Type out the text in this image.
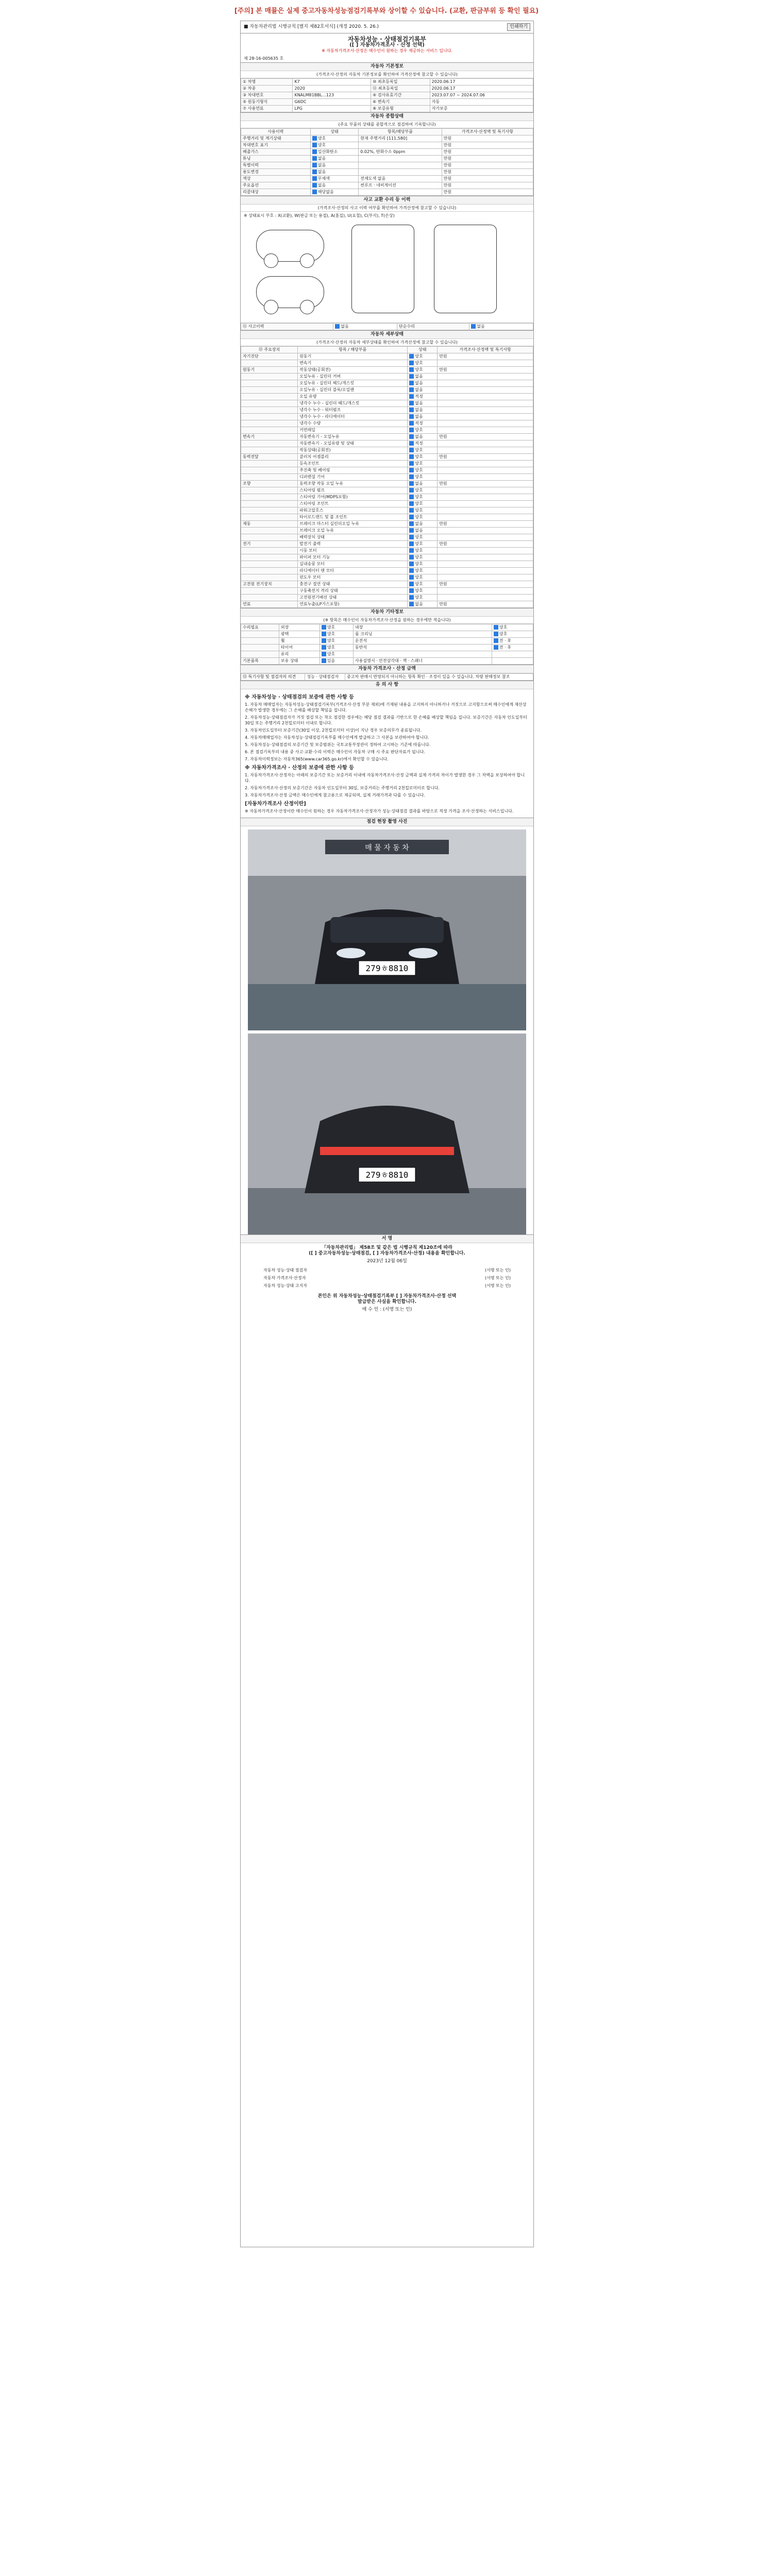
[주의] 본 매뮬은 실제 중고자동차성능점검기록부와 상이할 수 있습니다. (교환, 판금부위 등 확인 필요)
■ 자동차관리법 시행규칙 [별지 제82호서식] (개정 2020. 5. 26.)	인쇄하기
자동차성능 · 상태점검기록부
([ ] 자동차가격조사 · 산정 선택)
※ 자동차가격조사·산정은 매수인이 원하는 경우 제공하는 서비스 입니다.
제 28-16-005635 호
자동차 기본정보
(가격조사·산정의 자동차 기본정보를 확인하여 가격산정에 참고할 수 있습니다)
① 차명	K7	⑩ 최초등록일	2020.06.17
② 차종	2020	⑪ 최초등록일	2020.06.17
③ 차대번호	KNALM81BBL...123	④ 검사유효기간	2023.07.07 ~ 2024.07.06
⑤ 원동기형식	G6DC	⑥ 변속기	자동
⑦ 사용연료	LPG	⑧ 보증유형	자가보증
자동차 종합상태
(주요 부품의 상태를 종합적으로 점검하여 기록합니다)
사용이력	상태	항목/해당부품	가격조사·산정액 및 특기사항
주행거리 및 계기상태	양호	현재 주행거리 [111,580]	만원
차대번호 표기	양호		만원
배출가스	일산화탄소	0.02%, 탄화수소 0ppm	만원
튜닝	없음		만원
특별이력	없음		만원
용도변경	없음		만원
색상	무채색	전체도색 없음	만원
주요옵션	없음	썬루프 · 네비게이션	만원
리콜대상	해당없음		만원
사고 교환 수리 등 이력
(가격조사·산정의 사고 이력 여부를 확인하여 가격산정에 참고할 수 있습니다)
※ 상태표시 부호 : X(교환), W(판금 또는 용접), A(흠집), U(요철), C(부식), T(손상)
⑪ 사고이력	없음	단순수리	없음
자동차 세부상태
(가격조사·산정의 자동차 세부상태를 확인하여 가격산정에 참고할 수 있습니다)
⑫ 주요장치	항목 / 해당부품	상태	가격조사·산정액 및 특기사항
자기진단	원동기	양호	만원
	변속기	양호	
원동기	작동상태(공회전)	양호	만원
	오일누유 - 실린더 커버	없음	
	오일누유 - 실린더 헤드/개스킷	없음	
	오일누유 - 실린더 블록/오일팬	없음	
	오일 유량	적정	
	냉각수 누수 - 실린더 헤드/개스킷	없음	
	냉각수 누수 - 워터펌프	없음	
	냉각수 누수 - 라디에이터	없음	
	냉각수 수량	적정	
	커먼레일	양호	
변속기	자동변속기 - 오일누유	없음	만원
	자동변속기 - 오일유량 및 상태	적정	
	작동상태(공회전)	양호	
동력전달	클러치 어셈블리	양호	만원
	등속조인트	양호	
	추진축 및 베어링	양호	
	디퍼렌셜 기어	양호	
조향	동력조향 작동 오일 누유	없음	만원
	스티어링 펌프	양호	
	스티어링 기어(MDPS포함)	양호	
	스티어링 조인트	양호	
	파워고압호스	양호	
	타이로드엔드 및 볼 조인트	양호	
제동	브레이크 마스터 실린더오일 누유	없음	만원
	브레이크 오일 누유	없음	
	배력장치 상태	양호	
전기	발전기 출력	양호	만원
	시동 모터	양호	
	와이퍼 모터 기능	양호	
	실내송풍 모터	양호	
	라디에이터 팬 모터	양호	
	윈도우 모터	양호	
고전원 전기장치	충전구 절연 상태	양호	만원
	구동축전지 격리 상태	양호	
	고전원전기배선 상태	양호	
연료	연료누출(LP가스포함)	없음	만원
자동차 기타정보
(※ 항목은 매수인이 자동차가격조사·산정을 원하는 경우에만 적습니다)
수리필요	외장	양호	내장	양호
	광택	양호	룸 크리닝	양호
	휠	양호	운전석	전 · 후
	타이어	양호	동반석	전 · 후
	유리	양호		
기본품목	보유 상태	있음	사용설명서 · 안전삼각대 · 잭 · 스패너	
자동차 가격조사 · 산정 금액
⑬ 특기사항 및 점검자의 의견	성능 · 상태점검자	중고차 판매시 반영되지 아니하는 항목 확인 · 조정이 있을 수 있습니다. 차량 판매정보 참조
유 의 사 항
※ 자동차성능 · 상태점검의 보증에 관한 사항 등

1. 자동차 매매업자는 자동차성능·상태점검기록부(가격조사·산정 부분 제외)에 기재된 내용을 고지하지 아니하거나 거짓으로 고지함으로써 매수인에게 재산상 손해가 발생한 경우에는 그 손해를 배상할 책임을 집니다.

2. 자동차성능·상태점검자가 거짓 점검 또는 착오 점검한 경우에는 해당 점검 결과를 기반으로 한 손해를 배상할 책임을 집니다. 보증기간은 자동차 인도일부터 30일 또는 주행거리 2천킬로미터 이내로 합니다.

3. 자동차인도일부터 보증기간(30일 이상, 2천킬로미터 이상)이 지난 경우 보증의무가 종료됩니다.

4. 자동차매매업자는 자동차성능·상태점검기록부를 매수인에게 발급하고 그 사본을 보관하여야 합니다.

5. 자동차성능·상태점검의 보증기간 및 보증범위는 국토교통부장관이 정하여 고시하는 기준에 따릅니다.

6. 본 점검기록부의 내용 중 사고·교환·수리 이력은 매수인이 자동차 구매 시 주요 판단자료가 됩니다.

7. 자동차이력정보는 자동차365(www.car365.go.kr)에서 확인할 수 있습니다.

※ 자동차가격조사 · 산정의 보증에 관한 사항 등

1. 자동차가격조사·산정자는 아래의 보증기간 또는 보증거리 이내에 자동차가격조사·산정 금액과 실제 가격의 차이가 발생한 경우 그 차액을 보상하여야 합니다.

2. 자동차가격조사·산정의 보증기간은 자동차 인도일부터 30일, 보증거리는 주행거리 2천킬로미터로 합니다.

3. 자동차가격조사·산정 금액은 매수인에게 참고용으로 제공되며, 실제 거래가격과 다를 수 있습니다.

[자동차가격조사 산정이란]

※ 자동차가격조사·산정이란 매수인이 원하는 경우 자동차가격조사·산정자가 성능·상태점검 결과를 바탕으로 적정 가격을 조사·산정하는 서비스입니다.

점검 현장 촬영 사진
매 물 자 동 차
279ㅎ8810
279ㅎ8810
서 명
「자동차관리법」 제58조 및 같은 법 시행규칙 제120조에 따라
([ ] 중고자동차성능·상태점검, [ ] 자동차가격조사·산정) 내용을 확인합니다.
2023년 12월 06일
자동차 성능·상태 점검자	(서명 또는 인)
자동차 가격조사·산정자	(서명 또는 인)
자동차 성능·상태 고지자	(서명 또는 인)
본인은 위 자동차성능·상태점검기록부 [ ] 자동차가격조사·산정 선택
발급받은 사실을 확인합니다.
매 수 인 : (서명 또는 인)
